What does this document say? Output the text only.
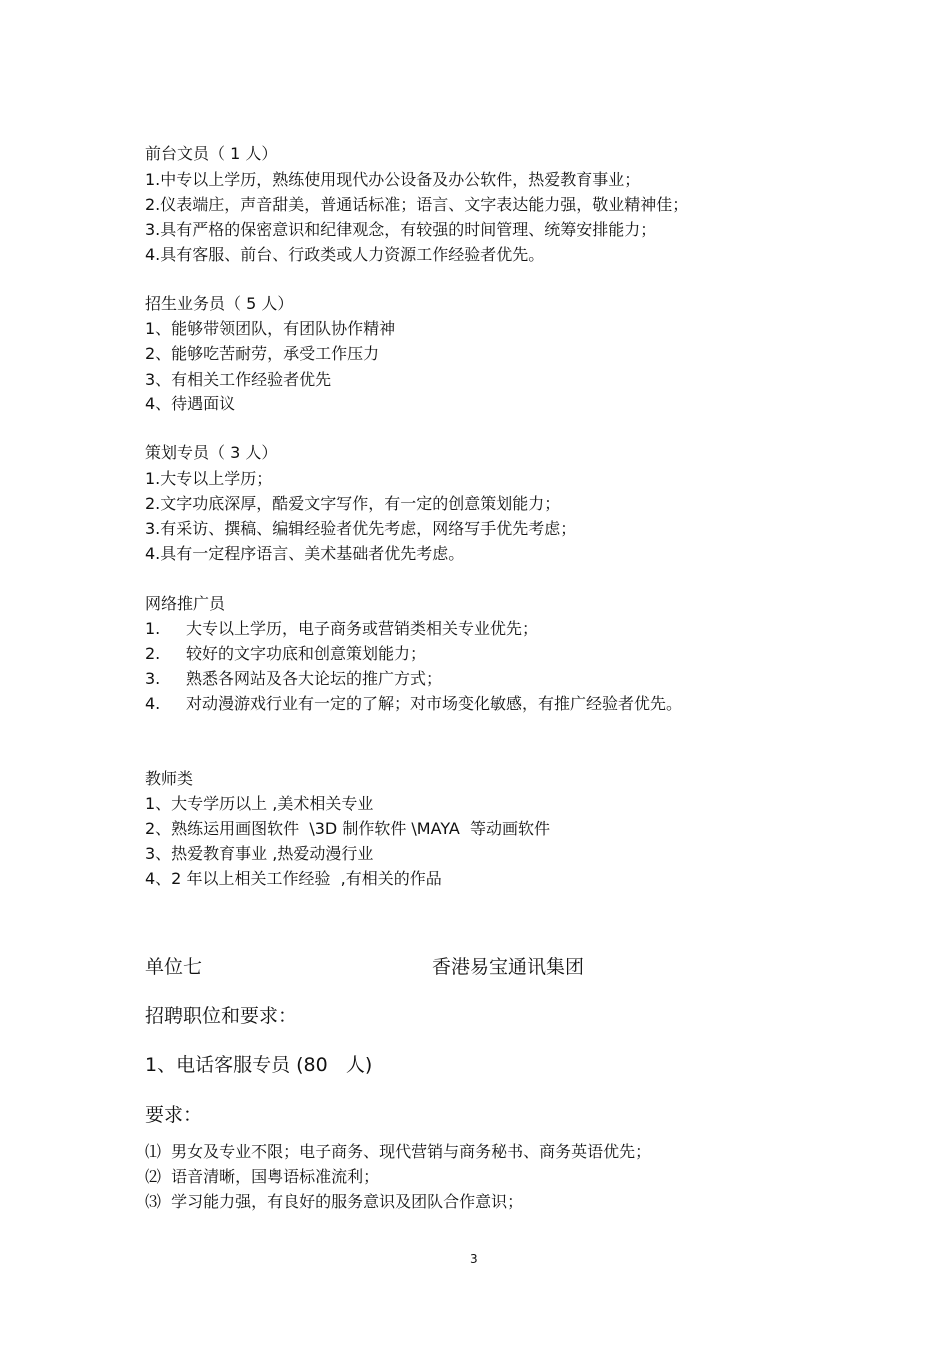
前台文员（ 1 人）
1.中专以上学历，熟练使用现代办公设备及办公软件，热爱教育事业；
2.仪表端庄，声音甜美，普通话标准；语言、文字表达能力强，敬业精神佳；
3.具有严格的保密意识和纪律观念，有较强的时间管理、统筹安排能力；
4.具有客服、前台、行政类或人力资源工作经验者优先。
招生业务员（ 5 人）
1、能够带领团队，有团队协作精神
2、能够吃苦耐劳，承受工作压力
3、有相关工作经验者优先
4、待遇面议
策划专员（ 3 人）
1.大专以上学历；
2.文字功底深厚，酷爱文字写作，有一定的创意策划能力；
3.有采访、撰稿、编辑经验者优先考虑，网络写手优先考虑；
4.具有一定程序语言、美术基础者优先考虑。
网络推广员
1. 大专以上学历，电子商务或营销类相关专业优先；
2. 较好的文字功底和创意策划能力；
3. 熟悉各网站及各大论坛的推广方式；
4. 对动漫游戏行业有一定的了解；对市场变化敏感，有推广经验者优先。
教师类
1、大专学历以上 ,美术相关专业
2、熟练运用画图软件  \3D 制作软件 \MAYA  等动画软件
3、热爱教育事业 ,热爱动漫行业
4、2 年以上相关工作经验  ,有相关的作品
单位七	香港易宝通讯集团
招聘职位和要求：
1、电话客服专员 (80   人)
要求：
⑴  男女及专业不限；电子商务、现代营销与商务秘书、商务英语优先；
⑵  语音清晰，国粤语标准流利；
⑶  学习能力强，有良好的服务意识及团队合作意识；
3
